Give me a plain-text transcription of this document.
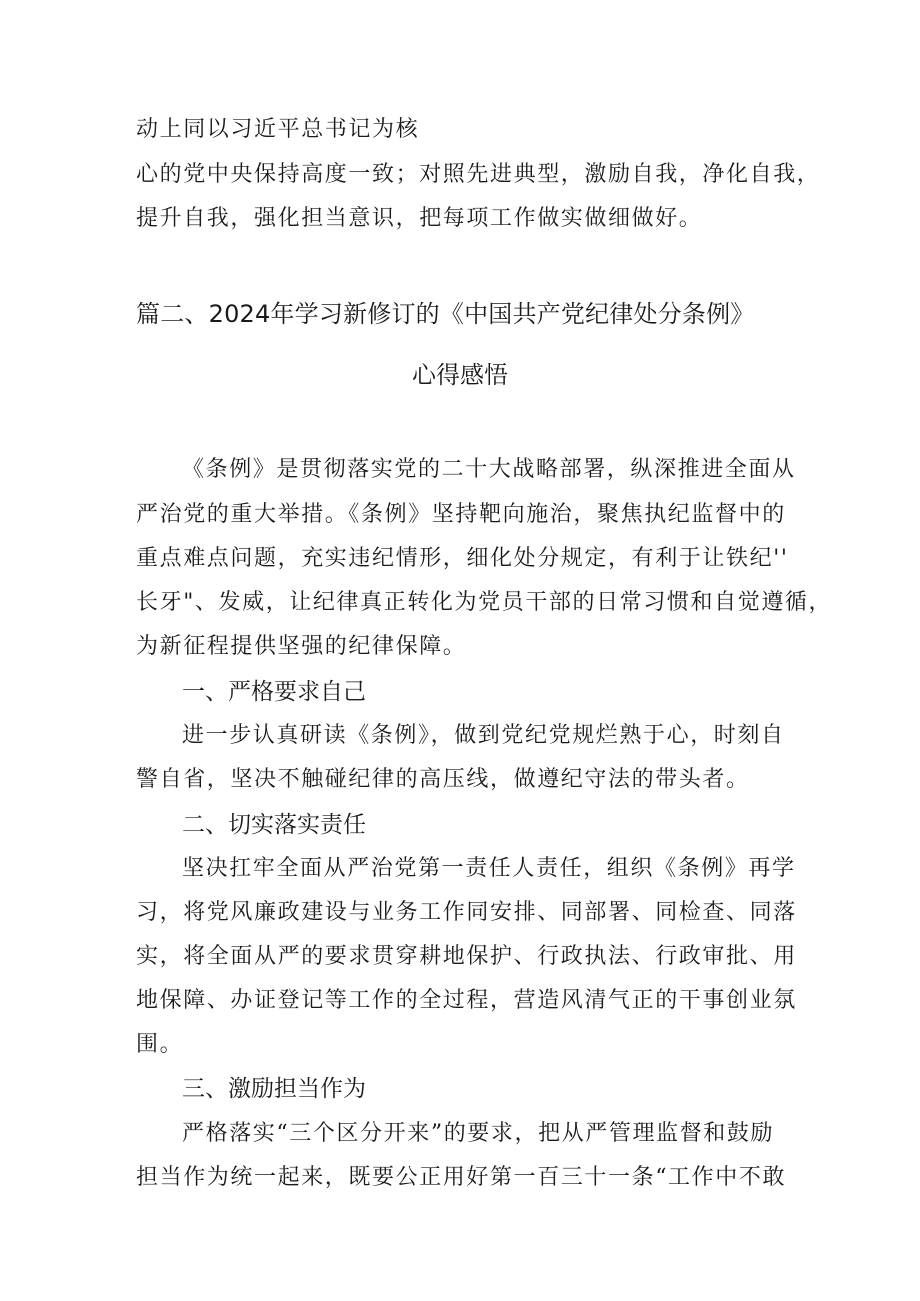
动上同以习近平总书记为核
心的党中央保持高度一致；对照先进典型，激励自我，净化自我，
提升自我，强化担当意识，把每项工作做实做细做好。
篇二、2024年学习新修订的《中国共产党纪律处分条例》
心得感悟
《条例》是贯彻落实党的二十大战略部署，纵深推进全面从
严治党的重大举措。《条例》坚持靶向施治，聚焦执纪监督中的
重点难点问题，充实违纪情形，细化处分规定，有利于让铁纪''
长牙"、发威，让纪律真正转化为党员干部的日常习惯和自觉遵循，
为新征程提供坚强的纪律保障。
一、严格要求自己
进一步认真研读《条例》，做到党纪党规烂熟于心，时刻自
警自省，坚决不触碰纪律的高压线，做遵纪守法的带头者。
二、切实落实责任
坚决扛牢全面从严治党第一责任人责任，组织《条例》再学
习，将党风廉政建设与业务工作同安排、同部署、同检查、同落
实，将全面从严的要求贯穿耕地保护、行政执法、行政审批、用
地保障、办证登记等工作的全过程，营造风清气正的干事创业氛
围。
三、激励担当作为
严格落实“三个区分开来”的要求，把从严管理监督和鼓励
担当作为统一起来，既要公正用好第一百三十一条“工作中不敢
